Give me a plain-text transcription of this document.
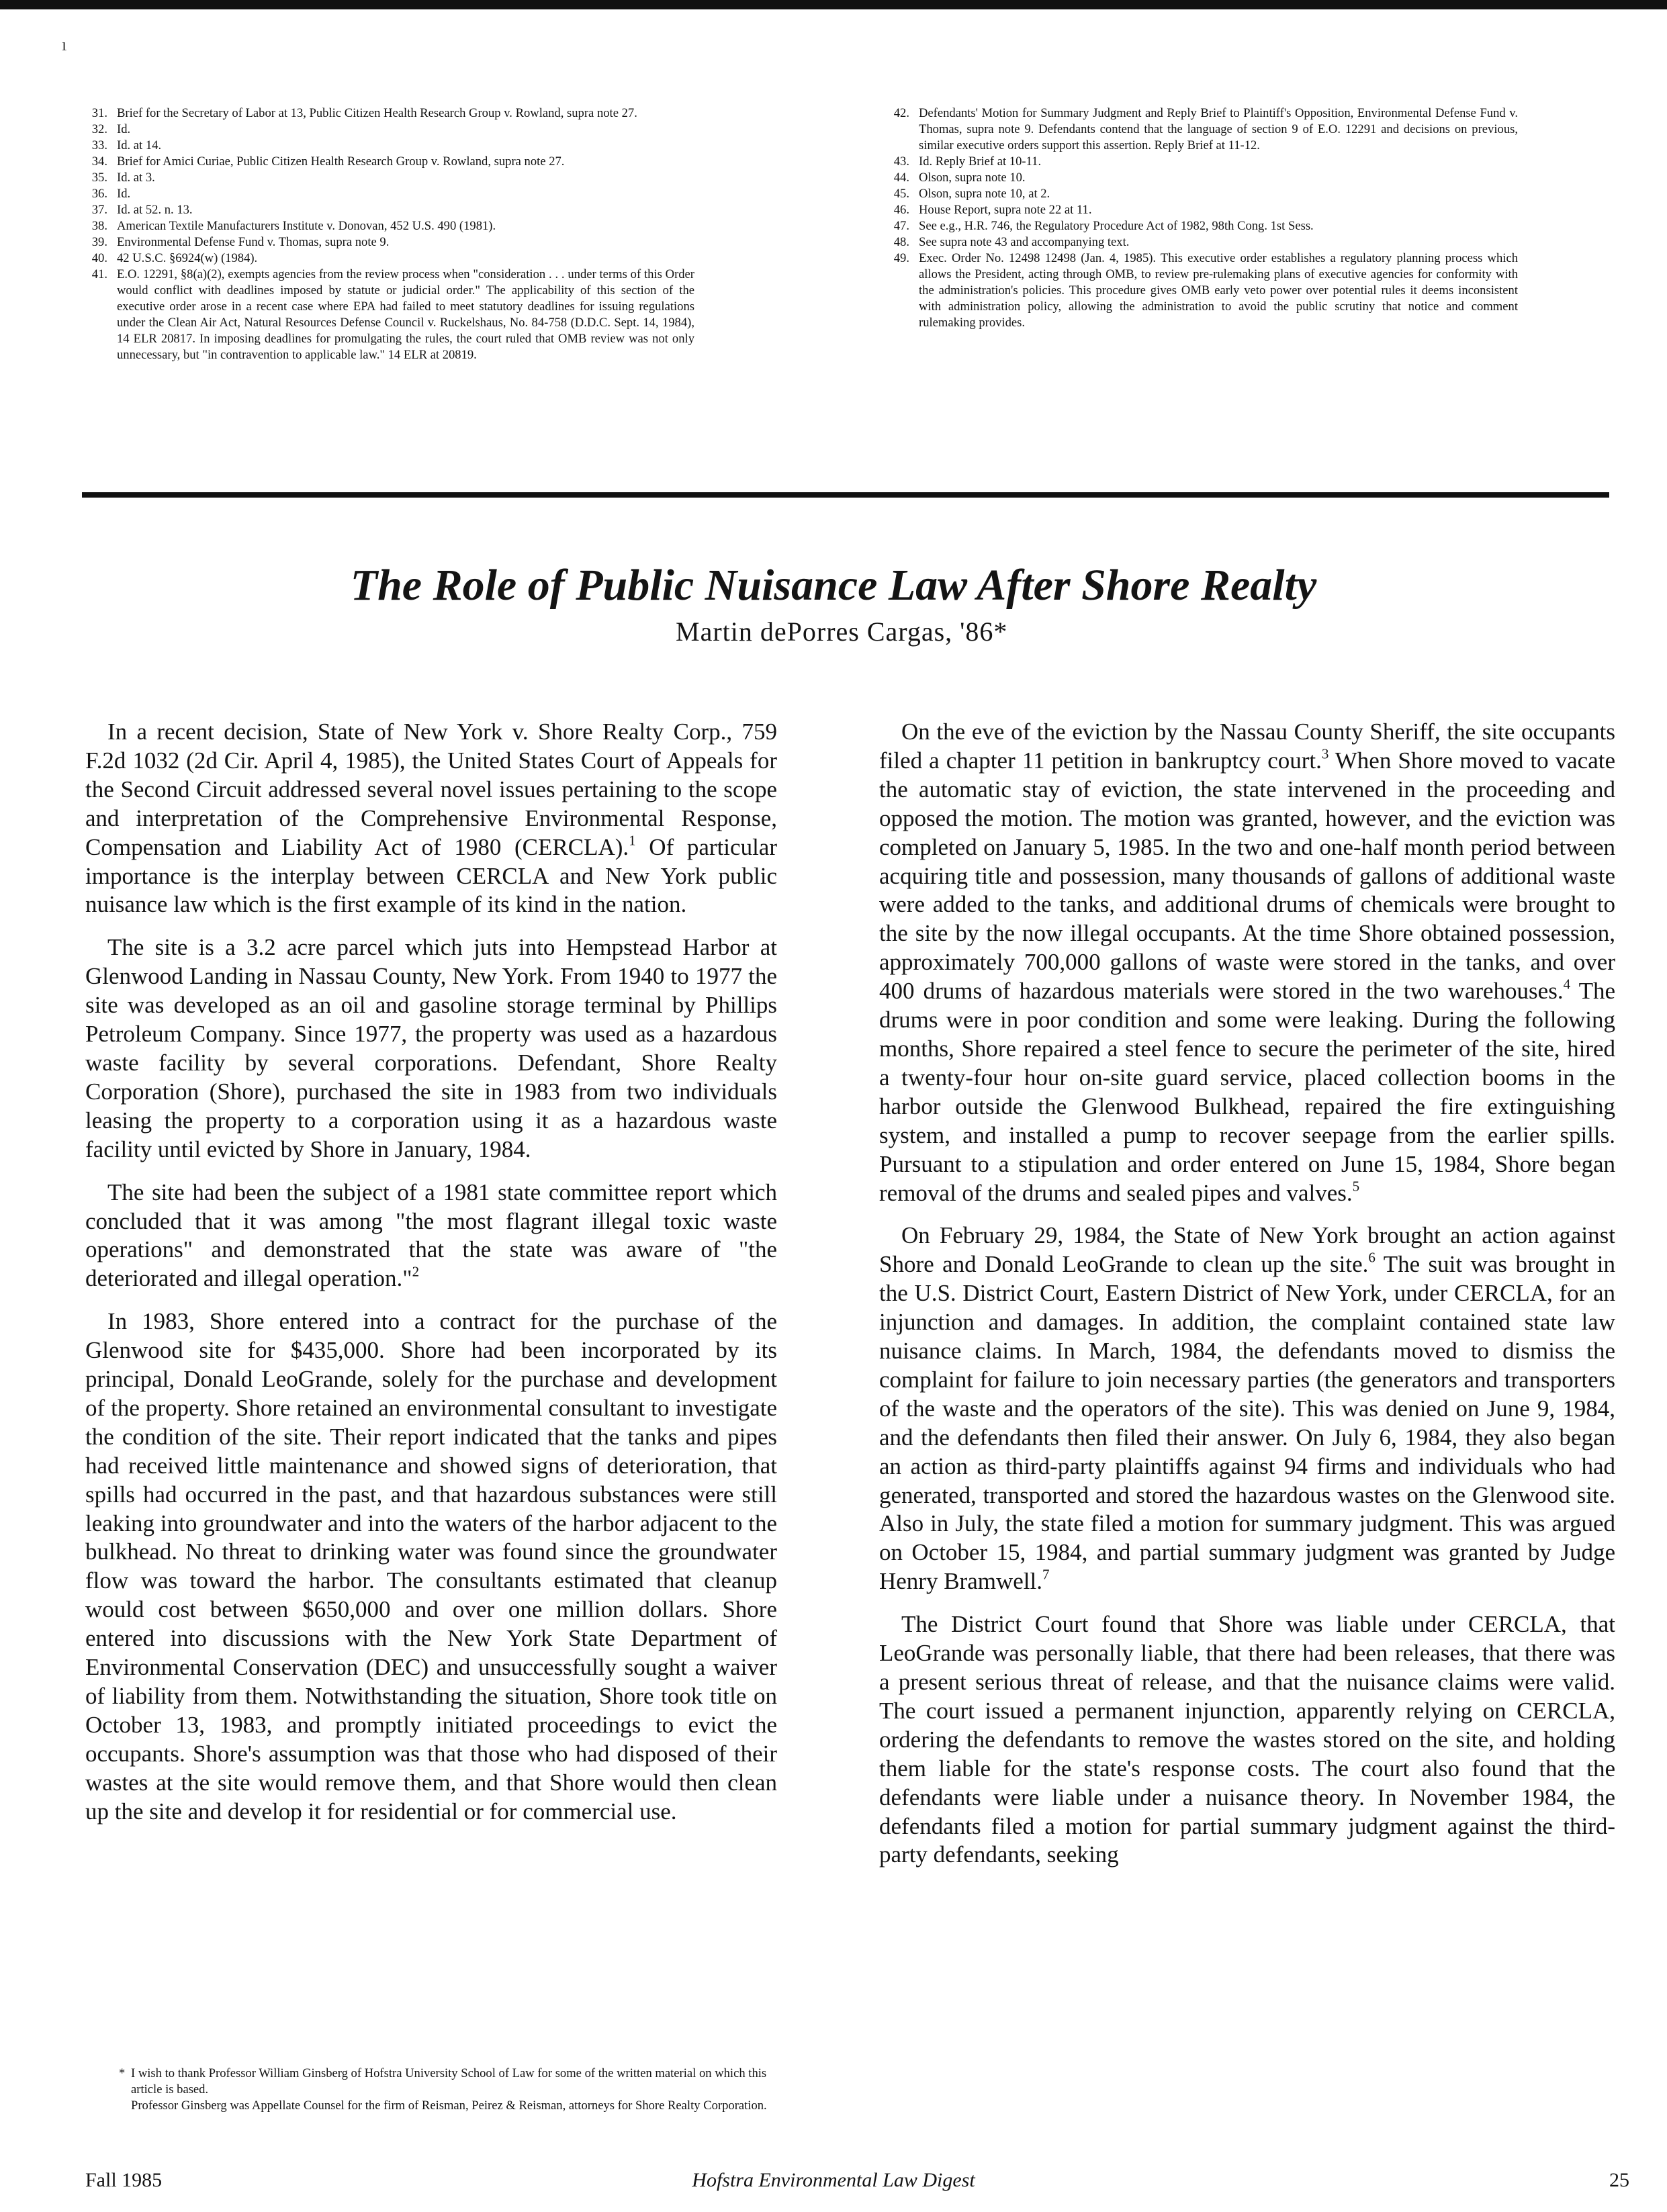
ı
31 .	Brief for the Secretary of Labor at 13, Public Citizen Health Research Group v. Rowland, supra note 27.
32 .	Id.
33 .	Id. at 14.
34 .	Brief for Amici Curiae, Public Citizen Health Research Group v. Rowland, supra note 27.
35 .	Id. at 3.
36 .	Id.
37 .	Id. at 52. n. 13.
38 .	American Textile Manufacturers Institute v. Donovan, 452 U.S. 490 (1981).
39 .	Environmental Defense Fund v. Thomas, supra note 9.
40 .	42 U.S.C. §6924(w) (1984).
41 .	E.O. 12291, §8(a)(2), exempts agencies from the review process when "consideration . . . under terms of this Order would conflict with deadlines imposed by statute or judicial order." The applicability of this section of the executive order arose in a recent case where EPA had failed to meet statutory deadlines for issuing regulations under the Clean Air Act, Natural Resources Defense Council v. Ruckelshaus, No. 84-758 (D.D.C. Sept. 14, 1984), 14 ELR 20817. In imposing deadlines for promulgating the rules, the court ruled that OMB review was not only unnecessary, but "in contravention to applicable law." 14 ELR at 20819.
42 .	Defendants' Motion for Summary Judgment and Reply Brief to Plaintiff's Opposition, Environmental Defense Fund v. Thomas, supra note 9. Defendants contend that the language of section 9 of E.O. 12291 and decisions on previous, similar executive orders support this assertion. Reply Brief at 11-12.
43 .	Id. Reply Brief at 10-11.
44 .	Olson, supra note 10.
45 .	Olson, supra note 10, at 2.
46 .	House Report, supra note 22 at 11.
47 .	See e.g., H.R. 746, the Regulatory Procedure Act of 1982, 98th Cong. 1st Sess.
48 .	See supra note 43 and accompanying text.
49 .	Exec. Order No. 12498 12498 (Jan. 4, 1985). This executive order establishes a regulatory planning process which allows the President, acting through OMB, to review pre-rulemaking plans of executive agencies for conformity with the administration's policies. This procedure gives OMB early veto power over potential rules it deems inconsistent with administration policy, allowing the administration to avoid the public scrutiny that notice and comment rulemaking provides.
The Role of Public Nuisance Law After Shore Realty
Martin dePorres Cargas, '86*

In a recent decision, State of New York v. Shore Realty Corp., 759 F.2d 1032 (2d Cir. April 4, 1985), the United States Court of Appeals for the Second Circuit addressed several novel issues pertaining to the scope and interpretation of the Comprehensive Environmental Response, Compensation and Liability Act of 1980 (CERCLA).$^1$ Of particular importance is the interplay between CERCLA and New York public nuisance law which is the first example of its kind in the nation.

The site is a 3.2 acre parcel which juts into Hempstead Harbor at Glenwood Landing in Nassau County, New York. From 1940 to 1977 the site was developed as an oil and gasoline storage terminal by Phillips Petroleum Company. Since 1977, the property was used as a hazardous waste facility by several corporations. Defendant, Shore Realty Corporation (Shore), purchased the site in 1983 from two individuals leasing the property to a corporation using it as a hazardous waste facility until evicted by Shore in January, 1984.

The site had been the subject of a 1981 state committee report which concluded that it was among "the most flagrant illegal toxic waste operations" and demonstrated that the state was aware of "the deteriorated and illegal operation."$^2$

In 1983, Shore entered into a contract for the purchase of the Glenwood site for $435,000. Shore had been incorporated by its principal, Donald LeoGrande, solely for the purchase and development of the property. Shore retained an environmental consultant to investigate the condition of the site. Their report indicated that the tanks and pipes had received little maintenance and showed signs of deterioration, that spills had occurred in the past, and that hazardous substances were still leaking into groundwater and into the waters of the harbor adjacent to the bulkhead. No threat to drinking water was found since the groundwater flow was toward the harbor. The consultants estimated that cleanup would cost between $650,000 and over one million dollars. Shore entered into discussions with the New York State Department of Environmental Conservation (DEC) and unsuccessfully sought a waiver of liability from them. Notwithstanding the situation, Shore took title on October 13, 1983, and promptly initiated proceedings to evict the occupants. Shore's assumption was that those who had disposed of their wastes at the site would remove them, and that Shore would then clean up the site and develop it for residential or for commercial use.

On the eve of the eviction by the Nassau County Sheriff, the site occupants filed a chapter 11 petition in bankruptcy court.$^3$ When Shore moved to vacate the automatic stay of eviction, the state intervened in the proceeding and opposed the motion. The motion was granted, however, and the eviction was completed on January 5, 1985. In the two and one-half month period between acquiring title and possession, many thousands of gallons of additional waste were added to the tanks, and additional drums of chemicals were brought to the site by the now illegal occupants. At the time Shore obtained possession, approximately 700,000 gallons of waste were stored in the tanks, and over 400 drums of hazardous materials were stored in the two warehouses.$^4$ The drums were in poor condition and some were leaking. During the following months, Shore repaired a steel fence to secure the perimeter of the site, hired a twenty-four hour on-site guard service, placed collection booms in the harbor outside the Glenwood Bulkhead, repaired the fire extinguishing system, and installed a pump to recover seepage from the earlier spills. Pursuant to a stipulation and order entered on June 15, 1984, Shore began removal of the drums and sealed pipes and valves.$^5$

On February 29, 1984, the State of New York brought an action against Shore and Donald LeoGrande to clean up the site.$^6$ The suit was brought in the U.S. District Court, Eastern District of New York, under CERCLA, for an injunction and damages. In addition, the complaint contained state law nuisance claims. In March, 1984, the defendants moved to dismiss the complaint for failure to join necessary parties (the generators and transporters of the waste and the operators of the site). This was denied on June 9, 1984, and the defendants then filed their answer. On July 6, 1984, they also began an action as third-party plaintiffs against 94 firms and individuals who had generated, transported and stored the hazardous wastes on the Glenwood site. Also in July, the state filed a motion for summary judgment. This was argued on October 15, 1984, and partial summary judgment was granted by Judge Henry Bramwell.$^7$

The District Court found that Shore was liable under CERCLA, that LeoGrande was personally liable, that there had been releases, that there was a present serious threat of release, and that the nuisance claims were valid. The court issued a permanent injunction, apparently relying on CERCLA, ordering the defendants to remove the wastes stored on the site, and holding them liable for the state's response costs. The court also found that the defendants were liable under a nuisance theory. In November 1984, the defendants filed a motion for partial summary judgment against the third-party defendants, seeking

* I wish to thank Professor William Ginsberg of Hofstra University School of Law for some of the written material on which this article is based.
Professor Ginsberg was Appellate Counsel for the firm of Reisman, Peirez & Reisman, attorneys for Shore Realty Corporation.
Fall 1985	Hofstra Environmental Law Digest	25
